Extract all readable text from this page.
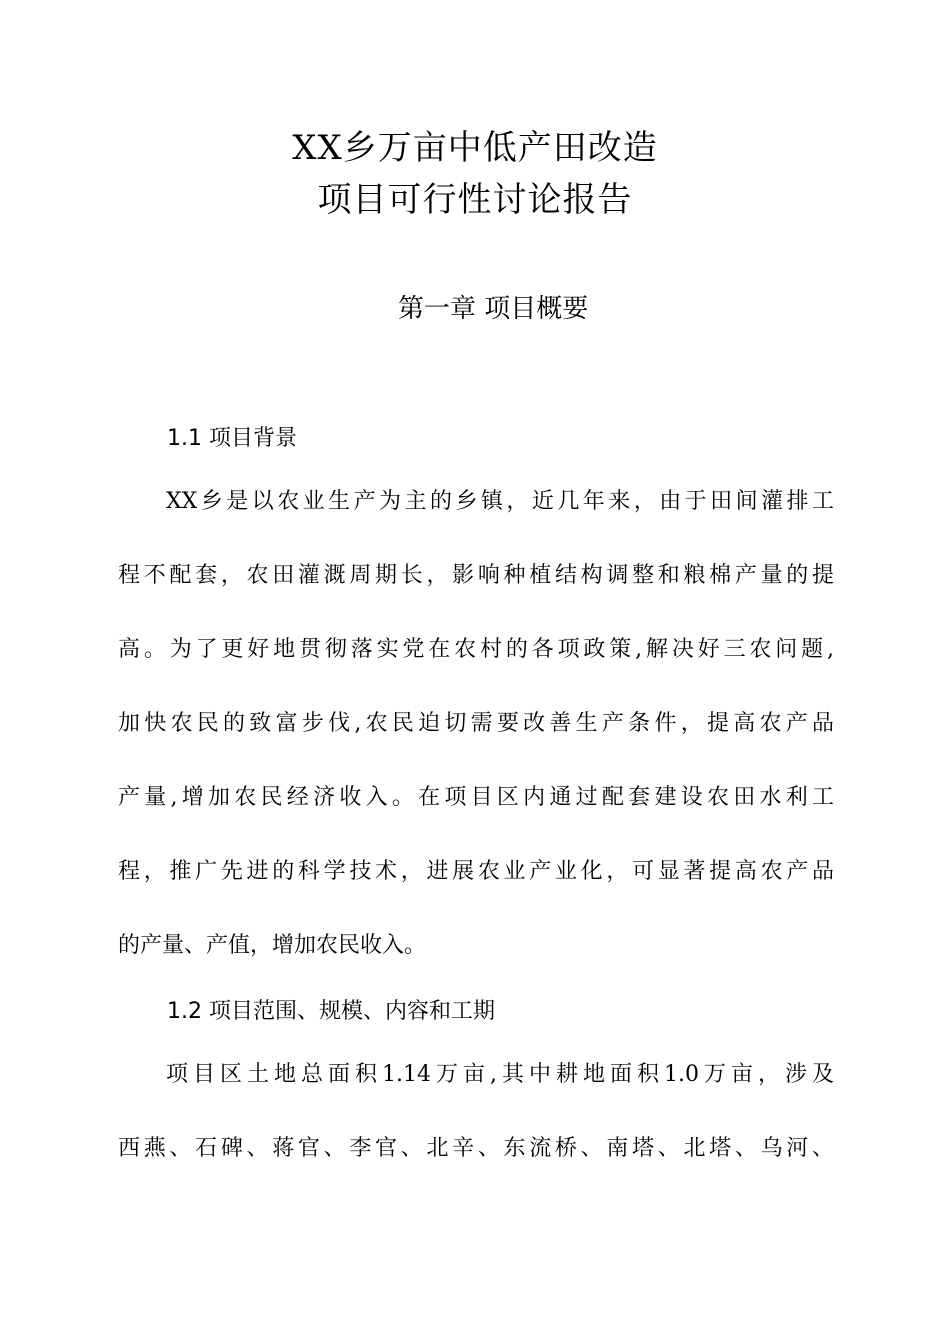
XX乡万亩中低产田改造
项目可行性讨论报告
第一章 项目概要
1.1 项目背景
XX乡是以农业生产为主的乡镇，近几年来，由于田间灌排工
程不配套，农田灌溉周期长，影响种植结构调整和粮棉产量的提
高。为了更好地贯彻落实党在农村的各项政策,解决好三农问题,
加快农民的致富步伐,农民迫切需要改善生产条件，提高农产品
产量,增加农民经济收入。在项目区内通过配套建设农田水利工
程，推广先进的科学技术，进展农业产业化，可显著提高农产品
的产量、产值，增加农民收入。
1.2 项目范围、规模、内容和工期
项目区土地总面积1.14万亩,其中耕地面积1.0万亩，涉及
西燕、石碑、蒋官、李官、北辛、东流桥、南塔、北塔、乌河、
